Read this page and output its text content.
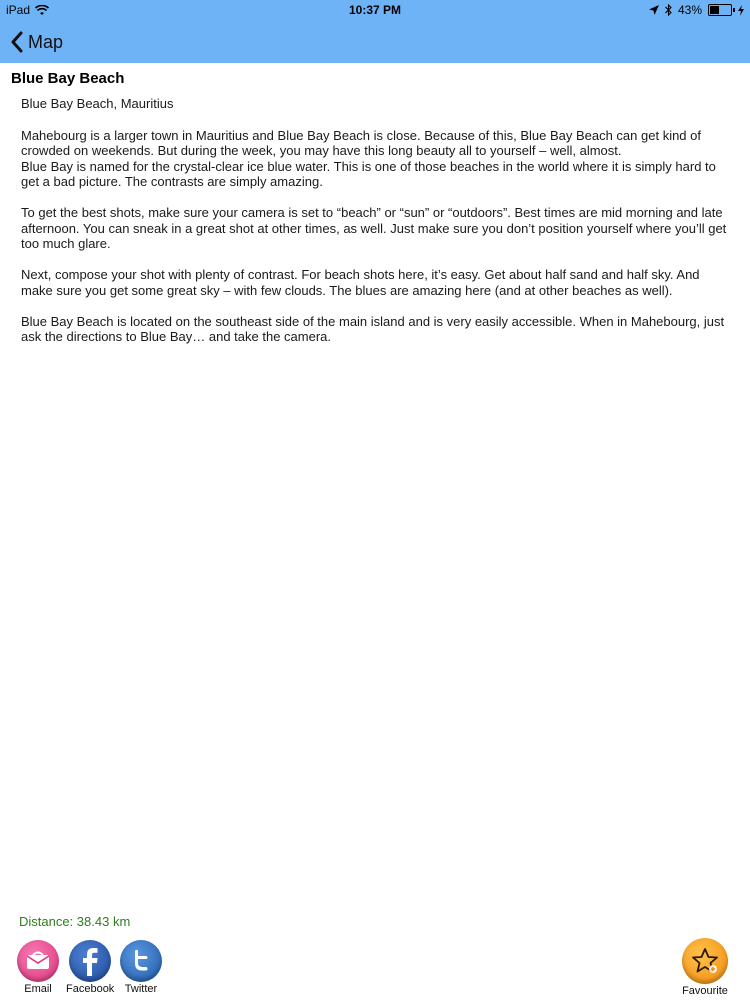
iPad	10:37 PM	43%
Map
Blue Bay Beach

Blue Bay Beach, Mauritius

Mahebourg is a larger town in Mauritius and Blue Bay Beach is close. Because of this, Blue Bay Beach can get kind of crowded on weekends. But during the week, you may have this long beauty all to yourself – well, almost.
Blue Bay is named for the crystal-clear ice blue water. This is one of those beaches in the world where it is simply hard to get a bad picture. The contrasts are simply amazing.

To get the best shots, make sure your camera is set to “beach” or “sun” or “outdoors”. Best times are mid morning and late afternoon. You can sneak in a great shot at other times, as well. Just make sure you don’t position yourself where you’ll get too much glare.

Next, compose your shot with plenty of contrast. For beach shots here, it’s easy. Get about half sand and half sky. And make sure you get some great sky – with few clouds. The blues are amazing here (and at other beaches as well).

Blue Bay Beach is located on the southeast side of the main island and is very easily accessible. When in Mahebourg, just ask the directions to Blue Bay… and take the camera.

Distance: 38.43 km
Email Facebook Twitter	Favourite
